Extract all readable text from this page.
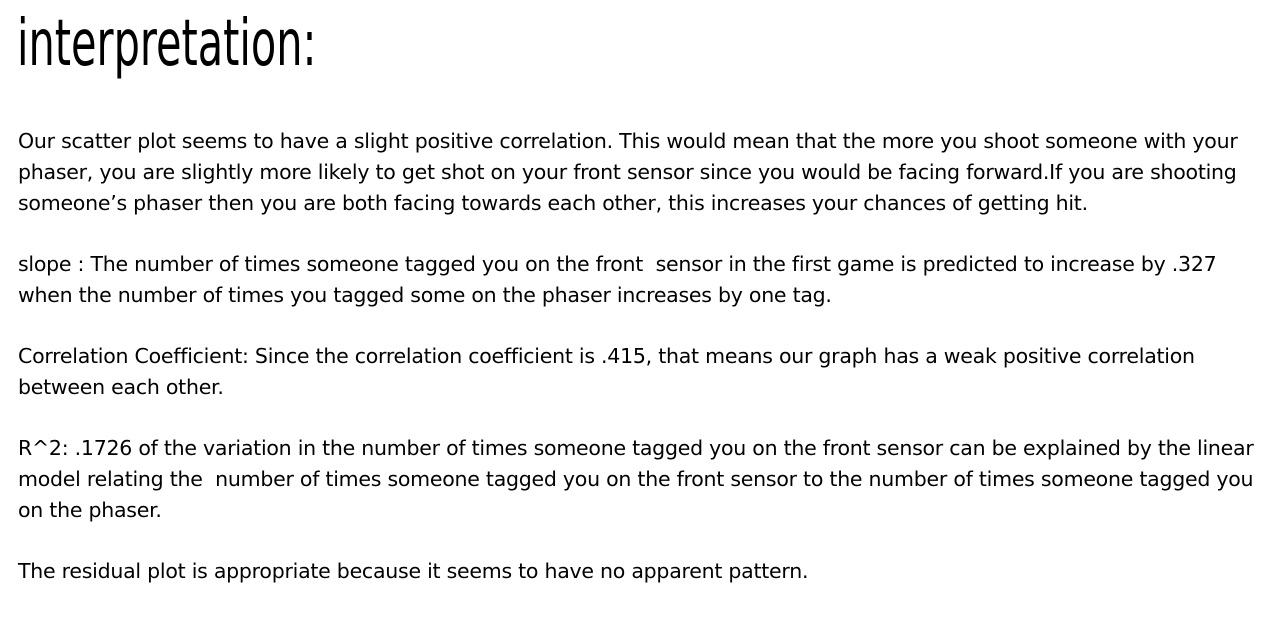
interpretation:

Our scatter plot seems to have a slight positive correlation. This would mean that the more you shoot someone with your phaser, you are slightly more likely to get shot on your front sensor since you would be facing forward.If you are shooting someone’s phaser then you are both facing towards each other, this increases your chances of getting hit.

slope : The number of times someone tagged you on the front  sensor in the first game is predicted to increase by .327 when the number of times you tagged some on the phaser increases by one tag.

Correlation Coefficient: Since the correlation coefficient is .415, that means our graph has a weak positive correlation between each other.

R^2: .1726 of the variation in the number of times someone tagged you on the front sensor can be explained by the linear model relating the  number of times someone tagged you on the front sensor to the number of times someone tagged you on the phaser.

The residual plot is appropriate because it seems to have no apparent pattern.
